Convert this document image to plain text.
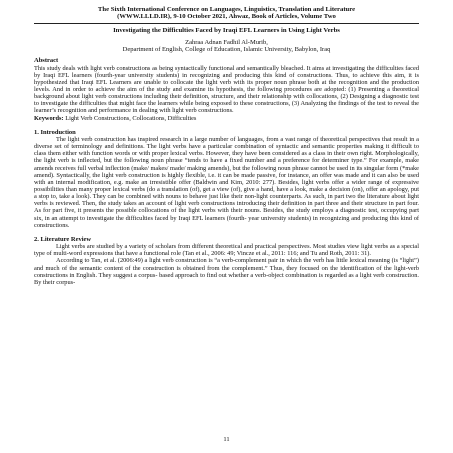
The Sixth International Conference on Languages, Linguistics, Translation and Literature
(WWW.LLLD.IR), 9-10 October 2021, Ahwaz, Book of Articles, Volume Two
Investigating the Difficulties Faced by Iraqi EFL Learners in Using Light Verbs
Zahraa Adnan Fadhil Al-Murib,
Department of English, College of Education, Islamic University, Babylon, Iraq
Abstract

This study deals with light verb constructions as being syntactically functional and semantically bleached. It aims at investigating the difficulties faced by Iraqi EFL learners (fourth-year university students) in recognizing and producing this kind of constructions. Thus, to achieve this aim, it is hypothesized that Iraqi EFL Learners are unable to collocate the light verb with its proper noun phrase both at the recognition and the production levels. And in order to achieve the aim of the study and examine its hypothesis, the following procedures are adopted: (1) Presenting a theoretical background about light verb constructions including their definition, structure, and their relationship with collocations, (2) Designing a diagnostic test to investigate the difficulties that might face the learners while being exposed to these constructions, (3) Analyzing the findings of the test to reveal the learner’s recognition and performance in dealing with light verb constructions.

Keywords: Light Verb Constructions, Collocations, Difficulties

1. Introduction

The light verb construction has inspired research in a large number of languages, from a vast range of theoretical perspectives that result in a diverse set of terminology and definitions. The light verbs have a particular combination of syntactic and semantic properties making it difficult to class them either with function words or with proper lexical verbs. However, they have been considered as a class in their own right. Morphologically, the light verb is inflected, but the following noun phrase “tends to have a fixed number and a preference for determiner type.” For example, make amends receives full verbal inflection (make/ makes/ made/ making amends), but the following noun phrase cannot be used in its singular form (*make amend). Syntactically, the light verb construction is highly flexible, i.e. it can be made passive, for instance, an offer was made and it can also be used with an internal modification, e.g. make an irresistible offer (Baldwin and Kim, 2010: 277). Besides, light verbs offer a wider range of expressive possibilities than many proper lexical verbs (do a translation (of), get a view (of), give a hand, have a look, make a decision (on), offer an apology, put a stop to, take a look). They can be combined with nouns to behave just like their non-light counterparts. As such, in part two the literature about light verbs is reviewed. Then, the study takes an account of light verb constructions introducing their definition in part three and their structure in part four. As for part five, it presents the possible collocations of the light verbs with their nouns. Besides, the study employs a diagnostic test, occupying part six, in an attempt to investigate the difficulties faced by Iraqi EFL learners (fourth- year university students) in recognizing and producing this kind of constructions.

2. Literature Review

Light verbs are studied by a variety of scholars from different theoretical and practical perspectives. Most studies view light verbs as a special type of multi-word expressions that have a functional role (Tan et al., 2006: 49; Vincze et al., 2011: 116; and Tu and Roth, 2011: 31).

According to Tan, et al. (2006:49) a light verb construction is “a verb-complement pair in which the verb has little lexical meaning (is “light”) and much of the semantic content of the construction is obtained from the complement.” Thus, they focused on the identification of the light-verb constructions in English. They suggest a corpus- based approach to find out whether a verb-object combination is regarded as a light verb construction. By their corpus-

11
